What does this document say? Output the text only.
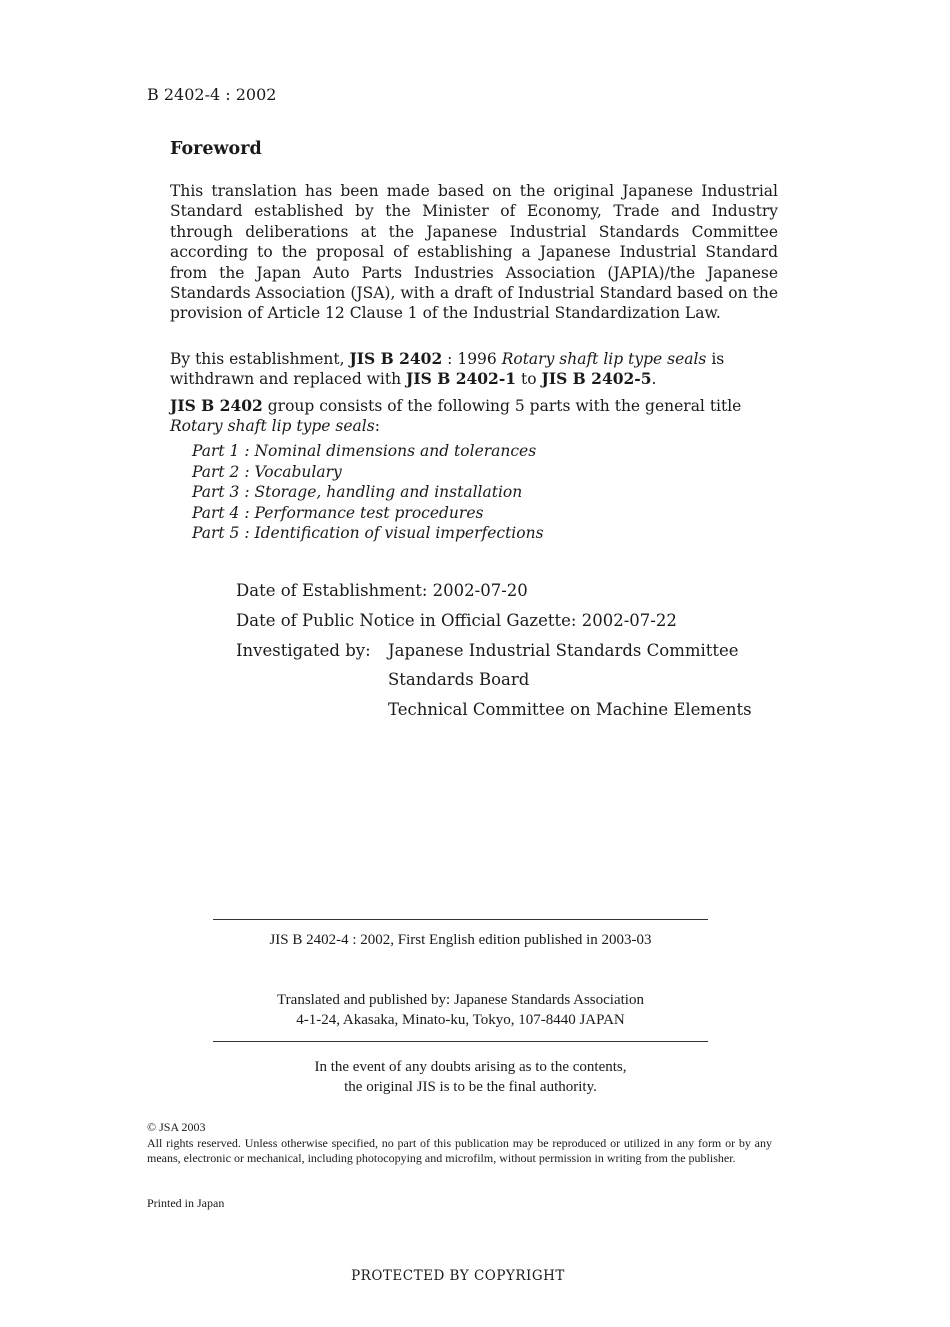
B 2402-4 : 2002
Foreword
This translation has been made based on the original Japanese Industrial Standard established by the Minister of Economy, Trade and Industry through deliberations at the Japanese Industrial Standards Committee according to the proposal of establishing a Japanese Industrial Standard from the Japan Auto Parts Industries Association (JAPIA)/the Japanese Standards Association (JSA), with a draft of Industrial Standard based on the provision of Article 12 Clause 1 of the Industrial Standardization Law.
By this establishment, JIS B 2402 : 1996 Rotary shaft lip type seals is withdrawn and replaced with JIS B 2402-1 to JIS B 2402-5.
JIS B 2402 group consists of the following 5 parts with the general title Rotary shaft lip type seals:
Part 1 : Nominal dimensions and tolerances
Part 2 : Vocabulary
Part 3 : Storage, handling and installation
Part 4 : Performance test procedures
Part 5 : Identification of visual imperfections
Date of Establishment: 2002-07-20
Date of Public Notice in Official Gazette: 2002-07-22
Investigated by: Japanese Industrial Standards Committee
Standards Board
Technical Committee on Machine Elements
JIS B 2402-4 : 2002, First English edition published in 2003-03
Translated and published by: Japanese Standards Association
4-1-24, Akasaka, Minato-ku, Tokyo, 107-8440 JAPAN
In the event of any doubts arising as to the contents,
the original JIS is to be the final authority.
© JSA 2003
All rights reserved. Unless otherwise specified, no part of this publication may be reproduced or utilized in any form or by any means, electronic or mechanical, including photocopying and microfilm, without permission in writing from the publisher.
Printed in Japan
PROTECTED BY COPYRIGHT
